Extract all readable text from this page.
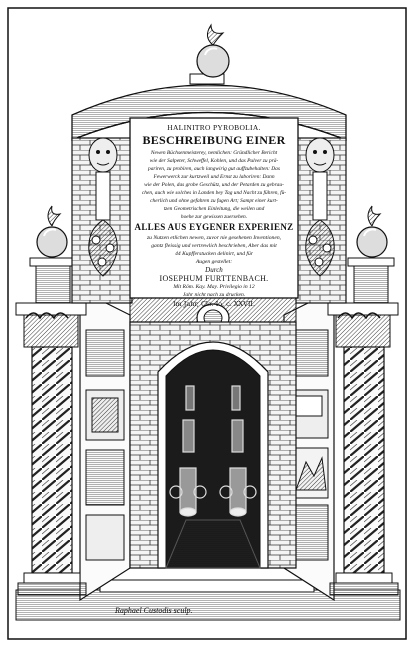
HALINITRO PYROBOLIA.
BESCHREIBUNG EINER
Newen Büchsenmeisterey, nemlichen: Gründlicher Bericht
wie der Salpeter, Schweffel, Kohlen, und das Pulver zu prä-
pariren, zu probiren, auch langwirig gut auffzubehalten: Das
Fewerwerck zur kurtzweil und Ernst zu laboriren: Dann
wie der Polen, das grobe Geschütz, und der Petarden zu gebrau-
chen, auch wie solches in Landen bey Tag und Nacht zu führen, fü-
cherlich und ohne gefahren zu fugen Art; Sampt einer kurt-
tzen Geometrischen Einleitung, die weilen und
hoehe zur gewissen zuersehen.
ALLES AUS EYGENER EXPERIENZ
zu Nutzen etlichen newen, zuvor nie gesehenen Inventionen,
gantz fleissig und vertrewlich beschrieben, Aber das mit
44 Kupfferstucken delinirt, und für
Augen gestellet:
Durch
IOSEPHUM FURTTENBACH.
Mit Röm. Kay. May. Privilegio in 12
Jahr nicht nach zu drucken.
Im Jahr, Clɔ. Iɔ. c. XXVII.
Raphael Custodis sculp.
